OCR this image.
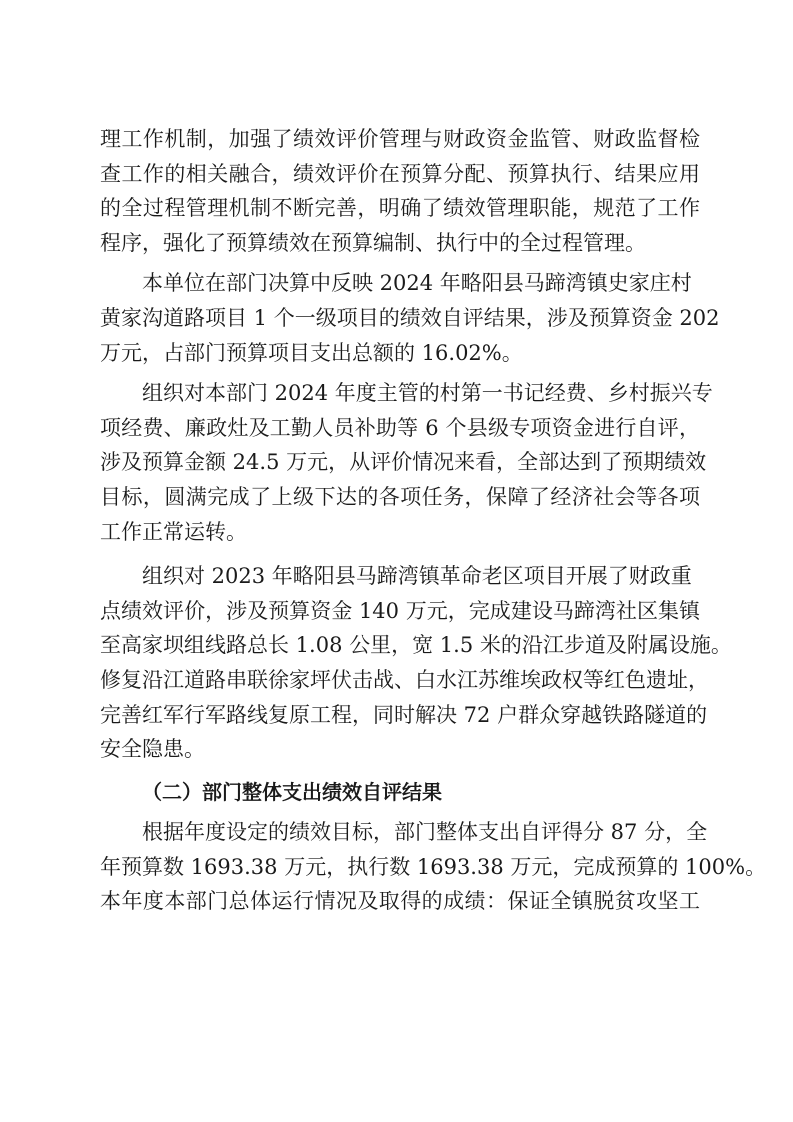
理工作机制，加强了绩效评价管理与财政资金监管、财政监督检
查工作的相关融合，绩效评价在预算分配、预算执行、结果应用
的全过程管理机制不断完善，明确了绩效管理职能，规范了工作
程序，强化了预算绩效在预算编制、执行中的全过程管理。
本单位在部门决算中反映 2024 年略阳县马蹄湾镇史家庄村
黄家沟道路项目 1 个一级项目的绩效自评结果，涉及预算资金 202
万元，占部门预算项目支出总额的 16.02%。
组织对本部门 2024 年度主管的村第一书记经费、乡村振兴专
项经费、廉政灶及工勤人员补助等 6 个县级专项资金进行自评，
涉及预算金额 24.5 万元，从评价情况来看，全部达到了预期绩效
目标，圆满完成了上级下达的各项任务，保障了经济社会等各项
工作正常运转。
组织对 2023 年略阳县马蹄湾镇革命老区项目开展了财政重
点绩效评价，涉及预算资金 140 万元，完成建设马蹄湾社区集镇
至高家坝组线路总长 1.08 公里，宽 1.5 米的沿江步道及附属设施。
修复沿江道路串联徐家坪伏击战、白水江苏维埃政权等红色遗址，
完善红军行军路线复原工程，同时解决 72 户群众穿越铁路隧道的
安全隐患。
（二）部门整体支出绩效自评结果
根据年度设定的绩效目标，部门整体支出自评得分 87 分，全
年预算数 1693.38 万元，执行数 1693.38 万元，完成预算的 100%。
本年度本部门总体运行情况及取得的成绩：保证全镇脱贫攻坚工
